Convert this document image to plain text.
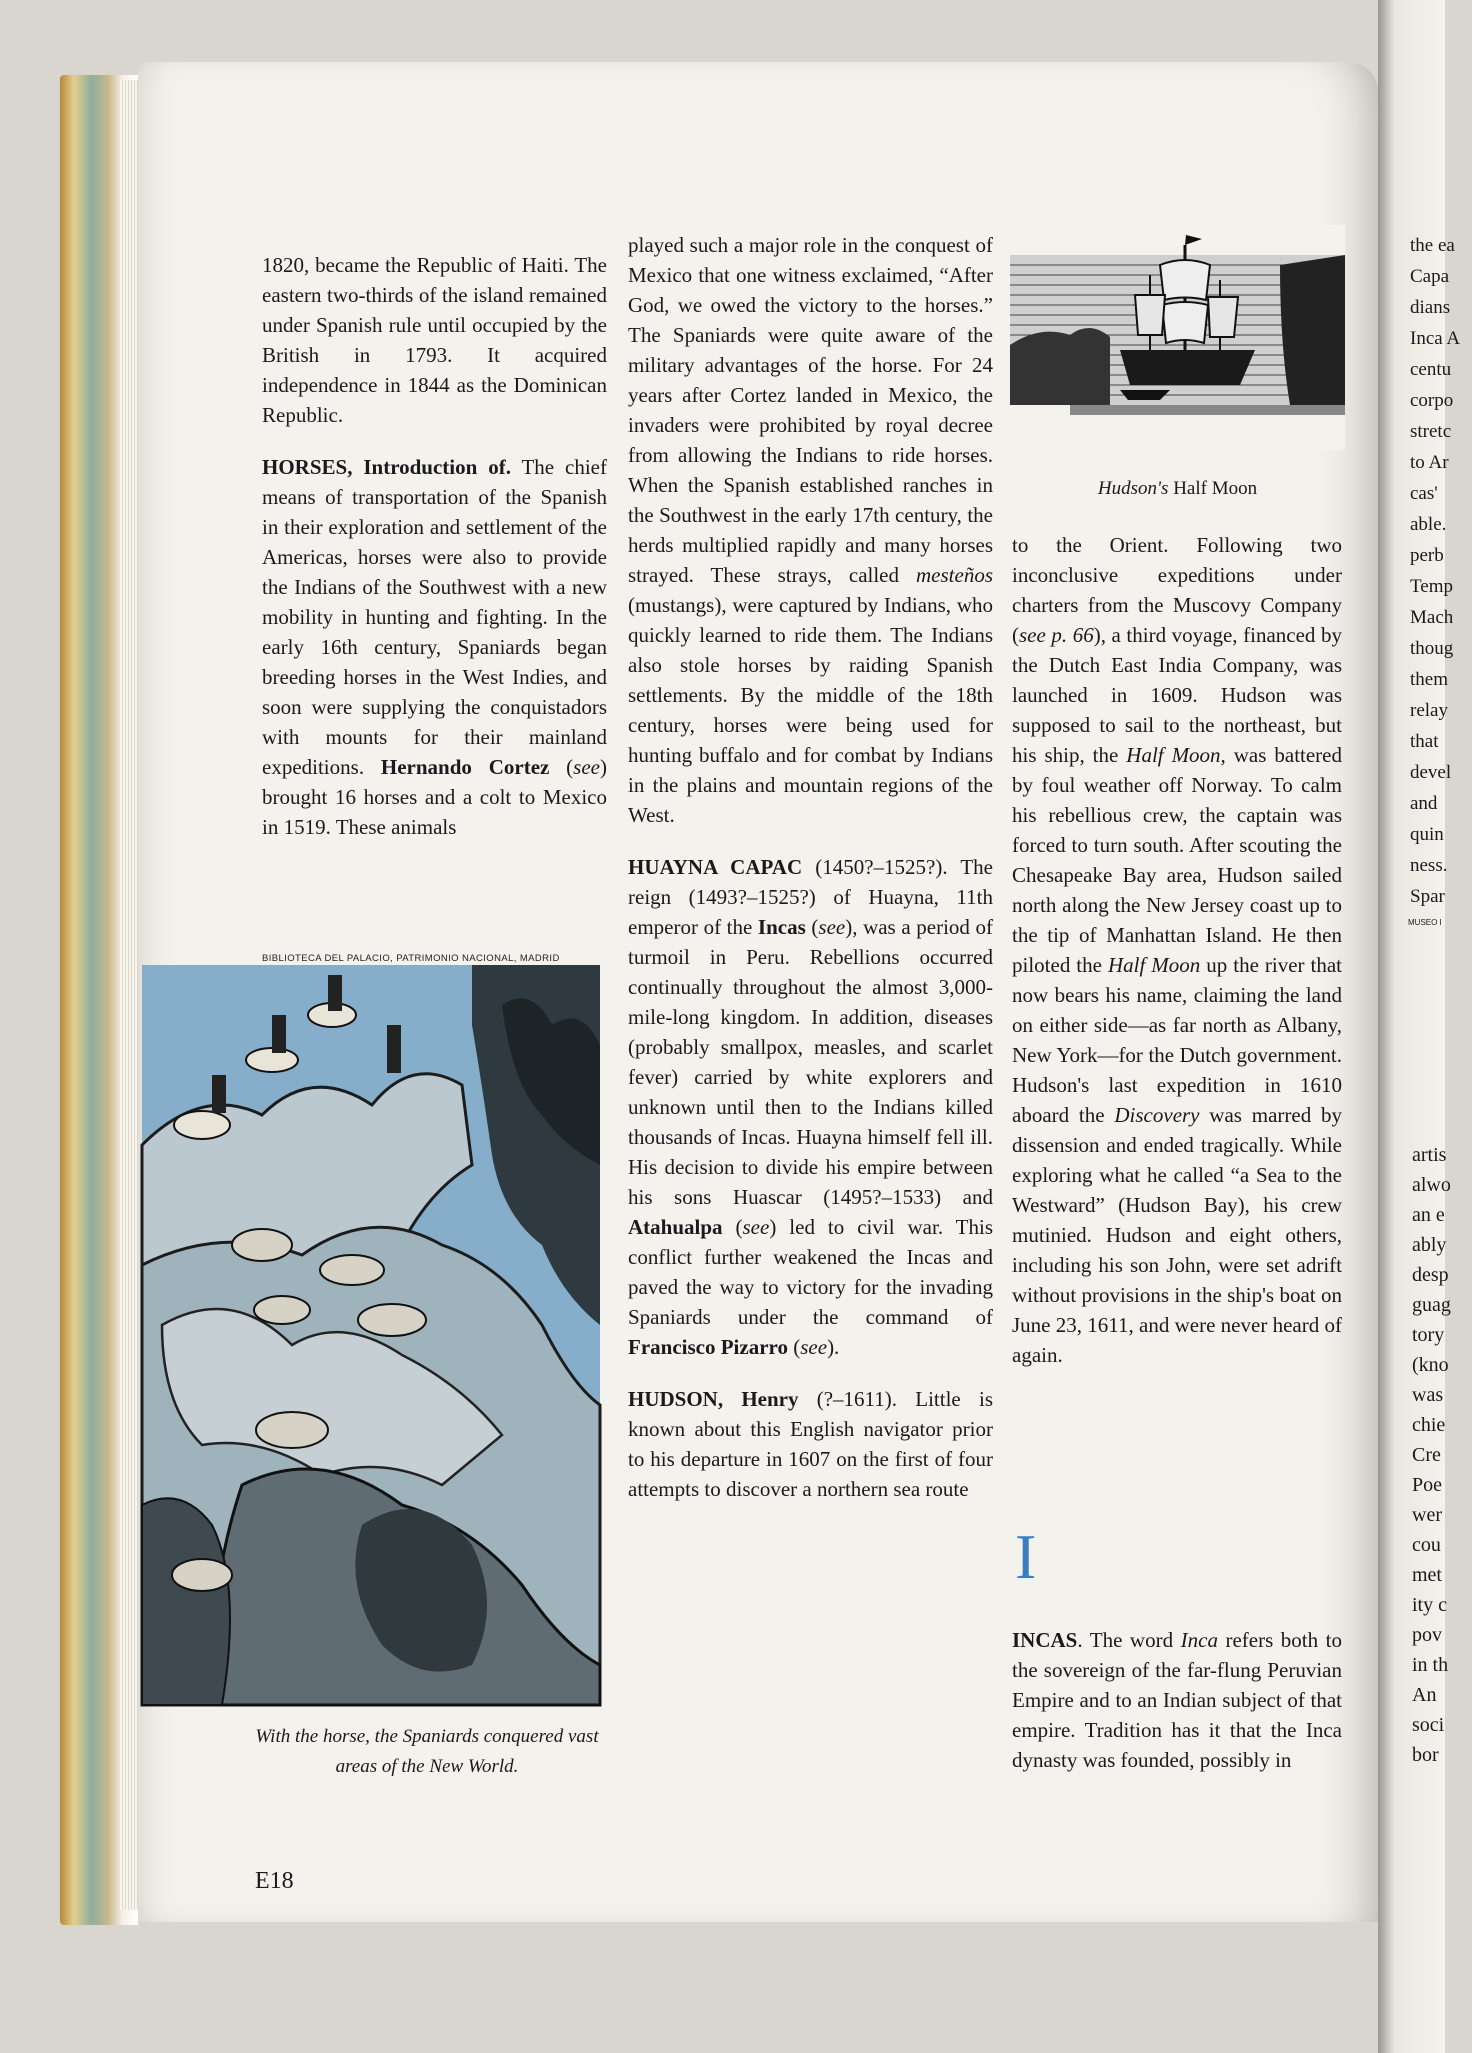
1820, became the Republic of Haiti. The eastern two-thirds of the island remained under Spanish rule until occupied by the British in 1793. It acquired independence in 1844 as the Dominican Republic.

HORSES, Introduction of. The chief means of transportation of the Spanish in their exploration and settlement of the Americas, horses were also to provide the Indians of the Southwest with a new mobility in hunting and fighting. In the early 16th century, Spaniards began breeding horses in the West Indies, and soon were supplying the conquistadors with mounts for their mainland expeditions. Hernando Cortez (see) brought 16 horses and a colt to Mexico in 1519. These animals

BIBLIOTECA DEL PALACIO, PATRIMONIO NACIONAL, MADRID
With the horse, the Spaniards conquered vast areas of the New World.

played such a major role in the conquest of Mexico that one witness exclaimed, “After God, we owed the victory to the horses.” The Spaniards were quite aware of the military advantages of the horse. For 24 years after Cortez landed in Mexico, the invaders were prohibited by royal decree from allowing the Indians to ride horses. When the Spanish established ranches in the Southwest in the early 17th century, the herds multiplied rapidly and many horses strayed. These strays, called mesteños (mustangs), were captured by Indians, who quickly learned to ride them. The Indians also stole horses by raiding Spanish settlements. By the middle of the 18th century, horses were being used for hunting buffalo and for combat by Indians in the plains and mountain regions of the West.

HUAYNA CAPAC (1450?–1525?). The reign (1493?–1525?) of Huayna, 11th emperor of the Incas (see), was a period of turmoil in Peru. Rebellions occurred continually throughout the almost 3,000-mile-long kingdom. In addition, diseases (probably smallpox, measles, and scarlet fever) carried by white explorers and unknown until then to the Indians killed thousands of Incas. Huayna himself fell ill. His decision to divide his empire between his sons Huascar (1495?–1533) and Atahualpa (see) led to civil war. This conflict further weakened the Incas and paved the way to victory for the invading Spaniards under the command of Francisco Pizarro (see).

HUDSON, Henry (?–1611). Little is known about this English navigator prior to his departure in 1607 on the first of four attempts to discover a northern sea route

Hudson's Half Moon

to the Orient. Following two inconclusive expeditions under charters from the Muscovy Company (see p. 66), a third voyage, financed by the Dutch East India Company, was launched in 1609. Hudson was supposed to sail to the northeast, but his ship, the Half Moon, was battered by foul weather off Norway. To calm his rebellious crew, the captain was forced to turn south. After scouting the Chesapeake Bay area, Hudson sailed north along the New Jersey coast up to the tip of Manhattan Island. He then piloted the Half Moon up the river that now bears his name, claiming the land on either side—as far north as Albany, New York—for the Dutch government. Hudson's last expedition in 1610 aboard the Discovery was marred by dissension and ended tragically. While exploring what he called “a Sea to the Westward” (Hudson Bay), his crew mutinied. Hudson and eight others, including his son John, were set adrift without provisions in the ship's boat on June 23, 1611, and were never heard of again.

I

INCAS. The word Inca refers both to the sovereign of the far-flung Peruvian Empire and to an Indian subject of that empire. Tradition has it that the Inca dynasty was founded, possibly in

E18
the ea
Capa
dians
Inca A
centu
corpo
stretc
to Ar
cas'
able.
perb
Temp
Mach
thoug
them
relay
that
devel
and
quin
ness.
Spar
MUSEO I
artis
alwo
an e
ably
desp
guag
tory
(kno
was
chie
Cre
Poe
wer
cou
met
ity c
pov
in th
An
soci
bor
